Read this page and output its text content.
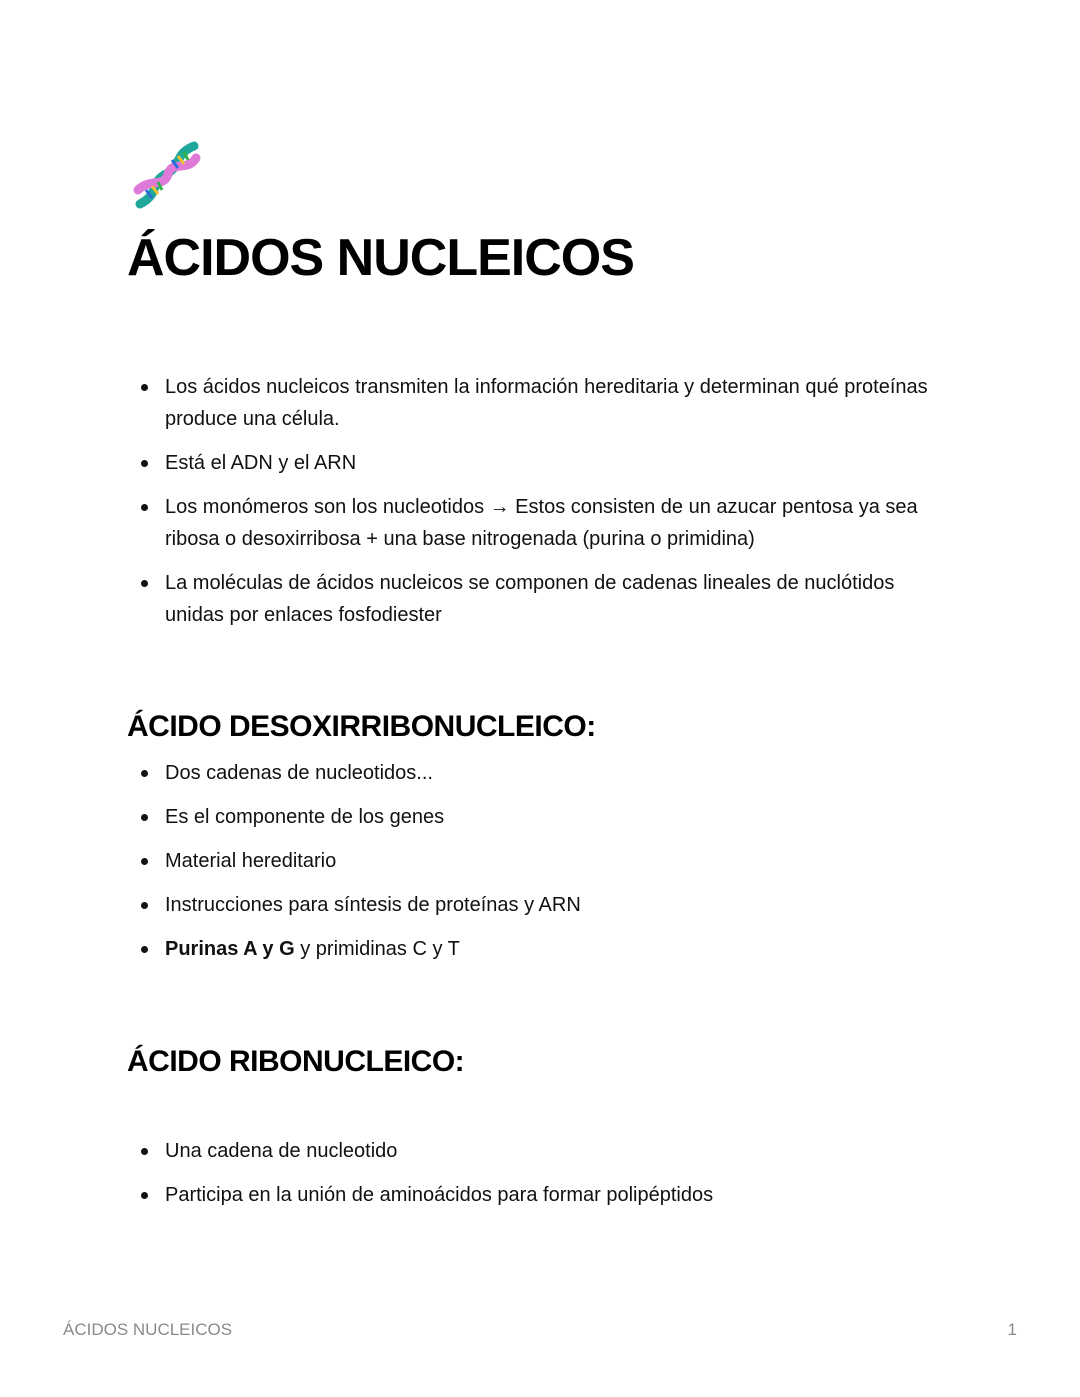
ÁCIDOS NUCLEICOS
Los ácidos nucleicos transmiten la información hereditaria y determinan qué proteínas produce una célula.
Está el ADN y el ARN
Los monómeros son los nucleotidos → Estos consisten de un azucar pentosa ya sea ribosa o desoxirribosa + una base nitrogenada (purina o primidina)
La moléculas de ácidos nucleicos se componen de cadenas lineales de nuclótidos unidas por enlaces fosfodiester
ÁCIDO DESOXIRRIBONUCLEICO:
Dos cadenas de nucleotidos...
Es el componente de los genes
Material hereditario
Instrucciones para síntesis de proteínas y ARN
Purinas A y G y primidinas C y T
ÁCIDO RIBONUCLEICO:
Una cadena de nucleotido
Participa en la unión de aminoácidos para formar polipéptidos
ÁCIDOS NUCLEICOS	1
